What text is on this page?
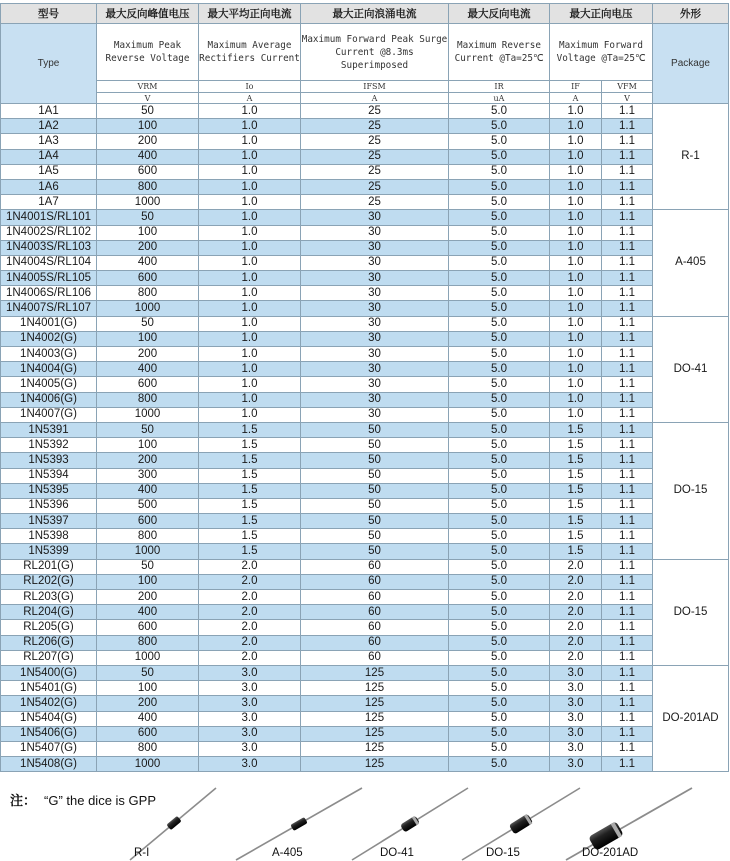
型号	最大反向峰值电压	最大平均正向电流	最大正向浪涌电流	最大反向电流	最大正向电压		外形
Type	Maximum Peak Reverse Voltage	Maximum Average Rectifiers Current	Maximum Forward Peak Surge Current @8.3ms Superimposed	Maximum Reverse Current @Ta=25℃	Maximum Forward Voltage @Ta=25℃		Package
	VRM	Io	IFSM	IR	IF	VFM	
	V	A	A	uA	A	V	
1A1	50	1.0	25	5.0	1.0	1.1	R-1
1A2	100	1.0	25	5.0	1.0	1.1	
1A3	200	1.0	25	5.0	1.0	1.1	
1A4	400	1.0	25	5.0	1.0	1.1	
1A5	600	1.0	25	5.0	1.0	1.1	
1A6	800	1.0	25	5.0	1.0	1.1	
1A7	1000	1.0	25	5.0	1.0	1.1	
1N4001S/RL101	50	1.0	30	5.0	1.0	1.1	A-405
1N4002S/RL102	100	1.0	30	5.0	1.0	1.1	
1N4003S/RL103	200	1.0	30	5.0	1.0	1.1	
1N4004S/RL104	400	1.0	30	5.0	1.0	1.1	
1N4005S/RL105	600	1.0	30	5.0	1.0	1.1	
1N4006S/RL106	800	1.0	30	5.0	1.0	1.1	
1N4007S/RL107	1000	1.0	30	5.0	1.0	1.1	
1N4001(G)	50	1.0	30	5.0	1.0	1.1	DO-41
1N4002(G)	100	1.0	30	5.0	1.0	1.1	
1N4003(G)	200	1.0	30	5.0	1.0	1.1	
1N4004(G)	400	1.0	30	5.0	1.0	1.1	
1N4005(G)	600	1.0	30	5.0	1.0	1.1	
1N4006(G)	800	1.0	30	5.0	1.0	1.1	
1N4007(G)	1000	1.0	30	5.0	1.0	1.1	
1N5391	50	1.5	50	5.0	1.5	1.1	DO-15
1N5392	100	1.5	50	5.0	1.5	1.1	
1N5393	200	1.5	50	5.0	1.5	1.1	
1N5394	300	1.5	50	5.0	1.5	1.1	
1N5395	400	1.5	50	5.0	1.5	1.1	
1N5396	500	1.5	50	5.0	1.5	1.1	
1N5397	600	1.5	50	5.0	1.5	1.1	
1N5398	800	1.5	50	5.0	1.5	1.1	
1N5399	1000	1.5	50	5.0	1.5	1.1	
RL201(G)	50	2.0	60	5.0	2.0	1.1	DO-15
RL202(G)	100	2.0	60	5.0	2.0	1.1	
RL203(G)	200	2.0	60	5.0	2.0	1.1	
RL204(G)	400	2.0	60	5.0	2.0	1.1	
RL205(G)	600	2.0	60	5.0	2.0	1.1	
RL206(G)	800	2.0	60	5.0	2.0	1.1	
RL207(G)	1000	2.0	60	5.0	2.0	1.1	
1N5400(G)	50	3.0	125	5.0	3.0	1.1	DO-201AD
1N5401(G)	100	3.0	125	5.0	3.0	1.1	
1N5402(G)	200	3.0	125	5.0	3.0	1.1	
1N5404(G)	400	3.0	125	5.0	3.0	1.1	
1N5406(G)	600	3.0	125	5.0	3.0	1.1	
1N5407(G)	800	3.0	125	5.0	3.0	1.1	
1N5408(G)	1000	3.0	125	5.0	3.0	1.1	
注： “G” the dice is GPP
R-I	A-405	DO-41	DO-15	DO-201AD
